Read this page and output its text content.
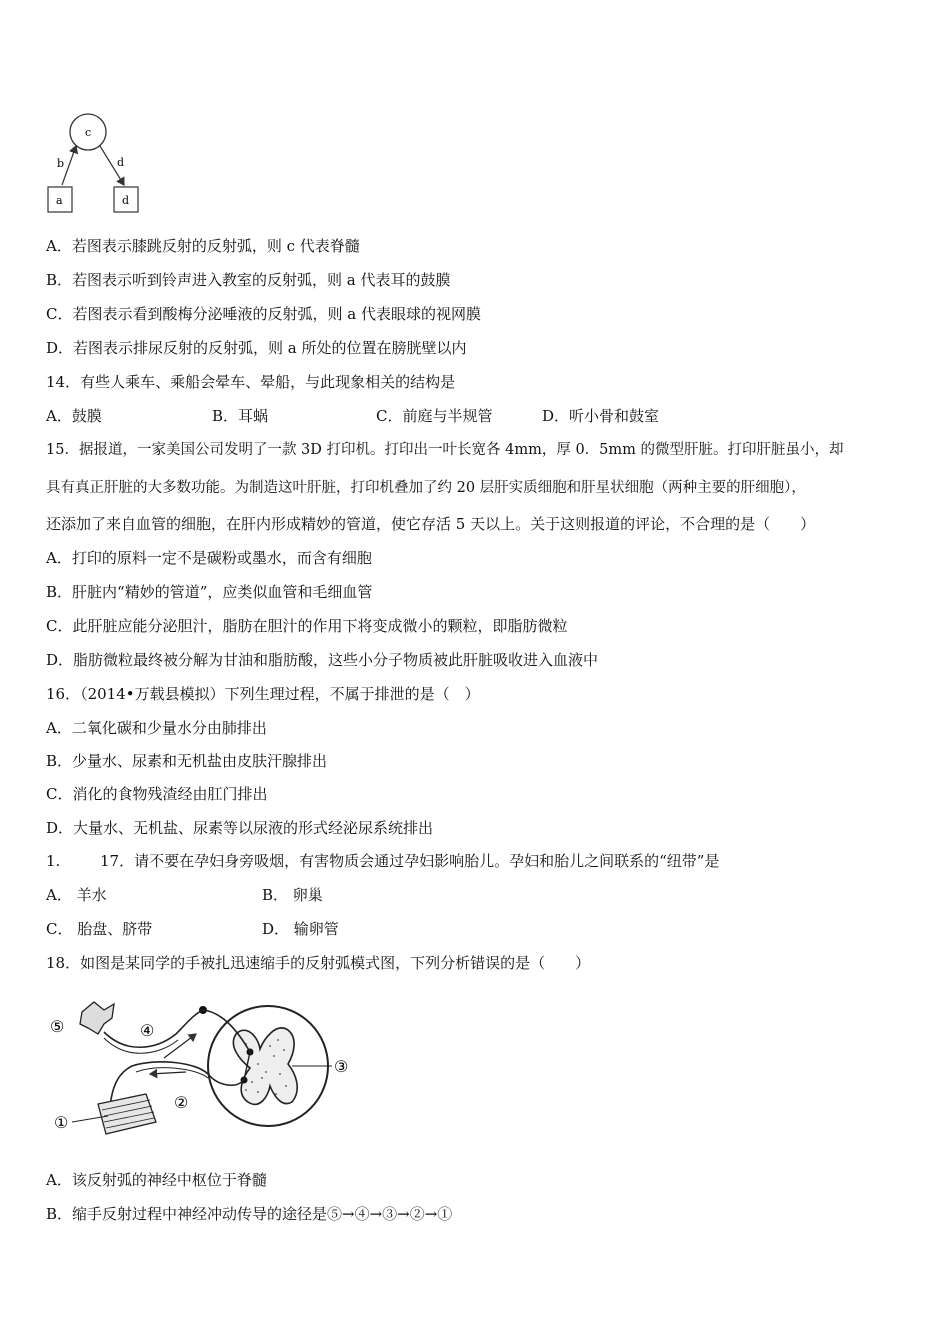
c
b	d
a	d
A．若图表示膝跳反射的反射弧，则 c 代表脊髓
B．若图表示听到铃声进入教室的反射弧，则 a 代表耳的鼓膜
C．若图表示看到酸梅分泌唾液的反射弧，则 a 代表眼球的视网膜
D．若图表示排尿反射的反射弧，则 a 所处的位置在膀胱壁以内
14．有些人乘车、乘船会晕车、晕船，与此现象相关的结构是
A．鼓膜	B．耳蜗	C．前庭与半规管	D．听小骨和鼓室
15．据报道，一家美国公司发明了一款 3D 打印机。打印出一叶长宽各 4mm，厚 0．5mm 的微型肝脏。打印肝脏虽小，却
具有真正肝脏的大多数功能。为制造这叶肝脏，打印机叠加了约 20 层肝实质细胞和肝星状细胞（两种主要的肝细胞），
还添加了来自血管的细胞，在肝内形成精妙的管道，使它存活 5 天以上。关于这则报道的评论，不合理的是（　　）
A．打印的原料一定不是碳粉或墨水，而含有细胞
B．肝脏内“精妙的管道”，应类似血管和毛细血管
C．此肝脏应能分泌胆汁，脂肪在胆汁的作用下将变成微小的颗粒，即脂肪微粒
D．脂肪微粒最终被分解为甘油和脂肪酸，这些小分子物质被此肝脏吸收进入血液中
16．（2014•万载县模拟）下列生理过程，不属于排泄的是（　）
A．二氧化碳和少量水分由肺排出
B．少量水、尿素和无机盐由皮肤汗腺排出
C．消化的食物残渣经由肛门排出
D．大量水、无机盐、尿素等以尿液的形式经泌尿系统排出
1.	17．请不要在孕妇身旁吸烟，有害物质会通过孕妇影响胎儿。孕妇和胎儿之间联系的“纽带”是
A． 羊水	B． 卵巢
C． 胎盘、脐带	D． 输卵管
18．如图是某同学的手被扎迅速缩手的反射弧模式图，下列分析错误的是（　　）
⑤	④
③
②
①
A．该反射弧的神经中枢位于脊髓
B．缩手反射过程中神经冲动传导的途径是⑤→④→③→②→①
